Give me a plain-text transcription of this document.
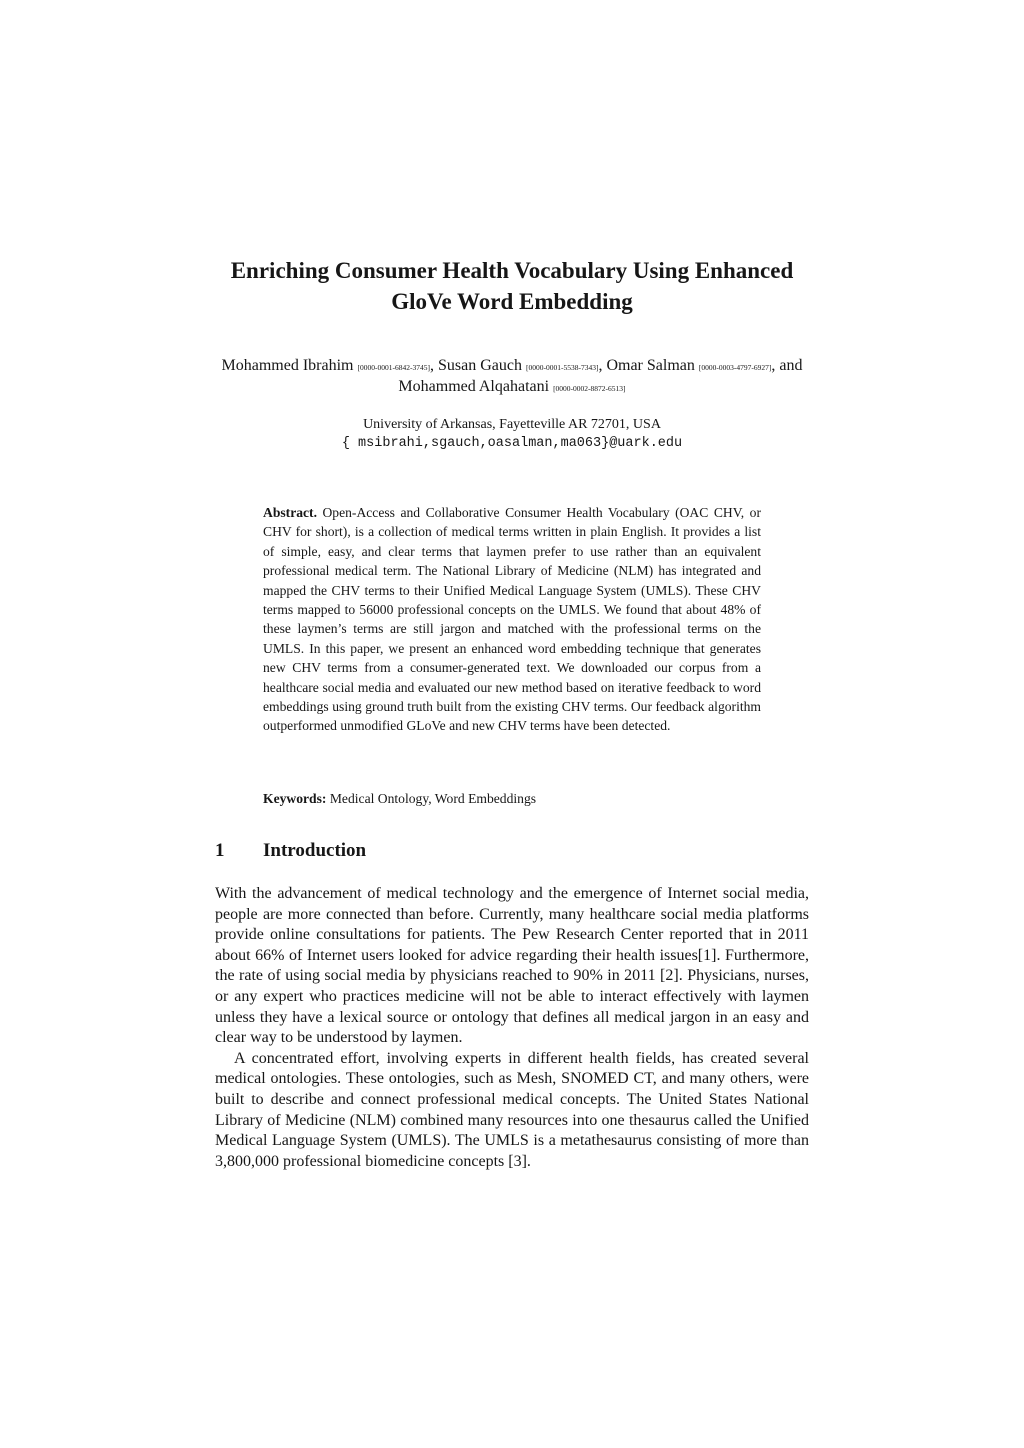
Enriching Consumer Health Vocabulary Using Enhanced
GloVe Word Embedding
Mohammed Ibrahim [0000-0001-6842-3745], Susan Gauch [0000-0001-5538-7343], Omar Salman [0000-0003-4797-6927], and Mohammed Alqahatani [0000-0002-8872-6513]
University of Arkansas, Fayetteville AR 72701, USA
{ msibrahi,sgauch,oasalman,ma063}@uark.edu

Abstract. Open-Access and Collaborative Consumer Health Vocabulary (OAC CHV, or CHV for short), is a collection of medical terms written in plain English. It provides a list of simple, easy, and clear terms that laymen prefer to use rather than an equivalent professional medical term. The National Library of Medicine (NLM) has integrated and mapped the CHV terms to their Unified Medical Language System (UMLS). These CHV terms mapped to 56000 professional concepts on the UMLS. We found that about 48% of these laymen’s terms are still jargon and matched with the professional terms on the UMLS. In this paper, we present an enhanced word embedding technique that generates new CHV terms from a consumer-generated text. We downloaded our corpus from a healthcare social media and evaluated our new method based on iterative feedback to word embeddings using ground truth built from the existing CHV terms. Our feedback algorithm outperformed unmodified GLoVe and new CHV terms have been detected.

Keywords: Medical Ontology, Word Embeddings

1 Introduction

With the advancement of medical technology and the emergence of Internet social media, people are more connected than before. Currently, many healthcare social media platforms provide online consultations for patients. The Pew Research Center reported that in 2011 about 66% of Internet users looked for advice regarding their health issues[1]. Furthermore, the rate of using social media by physicians reached to 90% in 2011 [2]. Physicians, nurses, or any expert who practices medicine will not be able to interact effectively with laymen unless they have a lexical source or ontology that defines all medical jargon in an easy and clear way to be understood by laymen.

A concentrated effort, involving experts in different health fields, has created several medical ontologies. These ontologies, such as Mesh, SNOMED CT, and many others, were built to describe and connect professional medical concepts. The United States National Library of Medicine (NLM) combined many resources into one thesaurus called the Unified Medical Language System (UMLS). The UMLS is a metathesaurus consisting of more than 3,800,000 professional biomedicine concepts [3].
